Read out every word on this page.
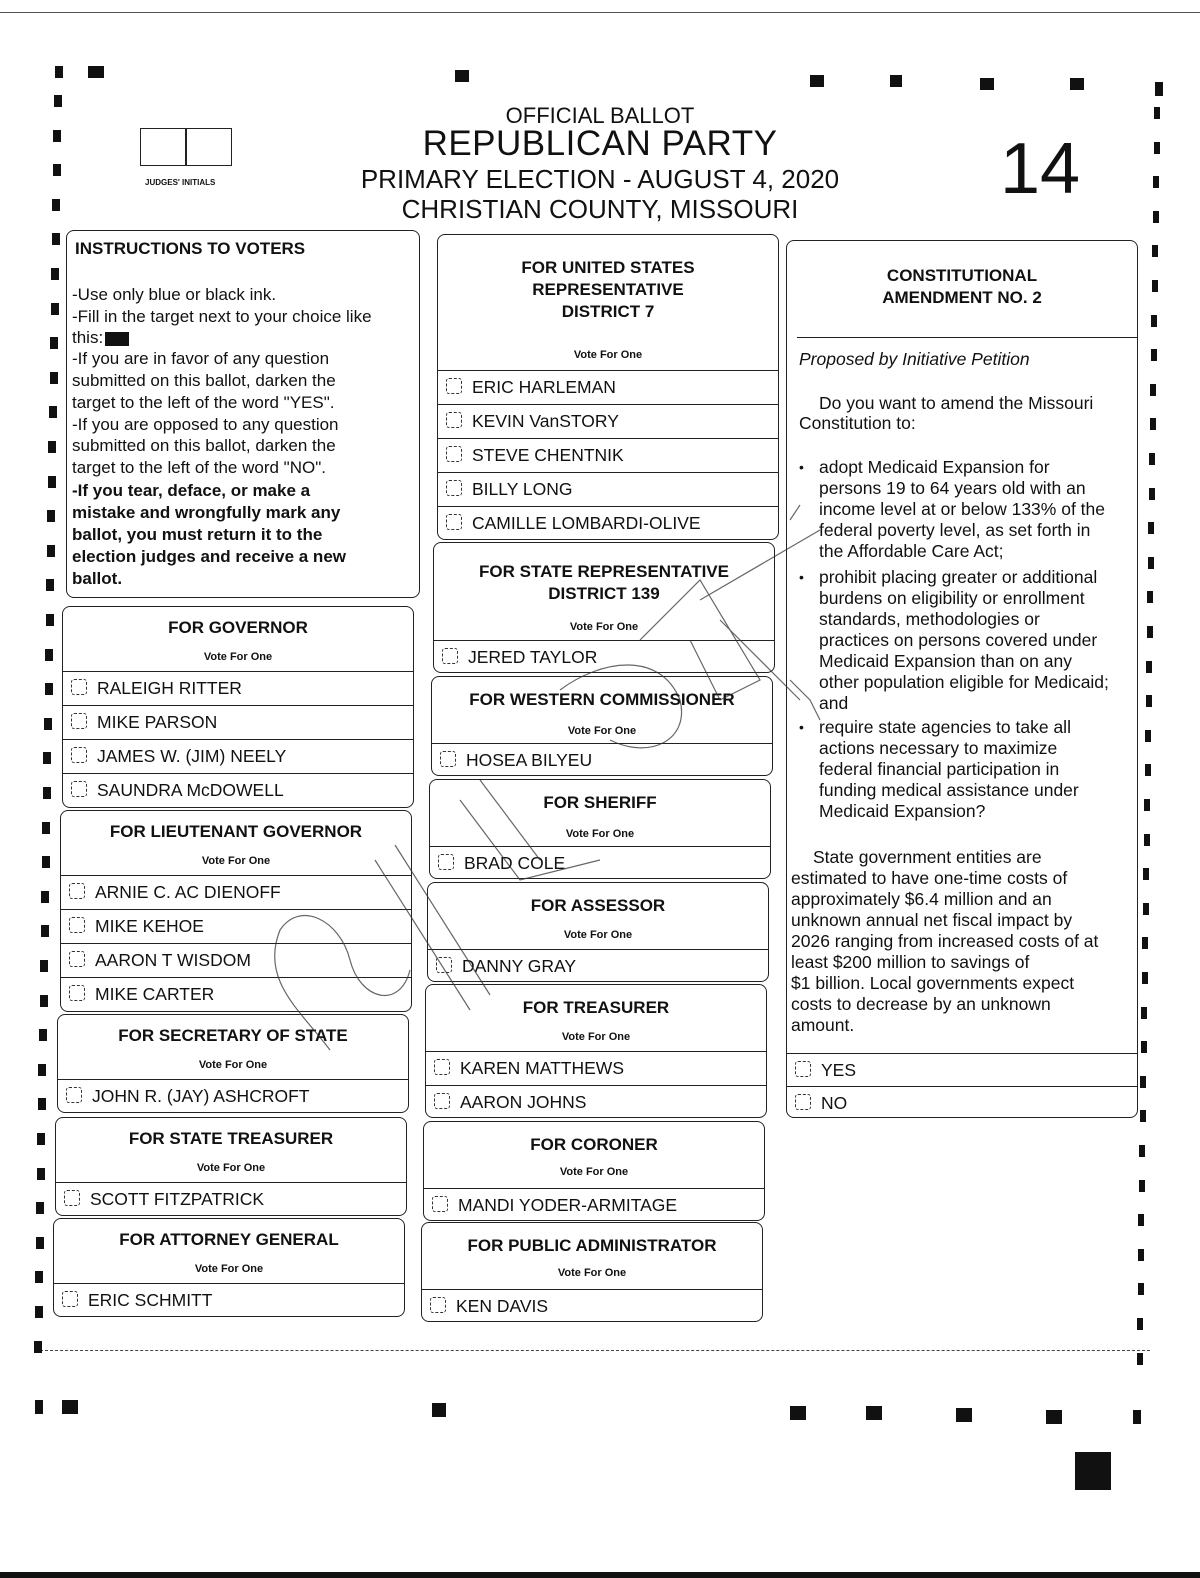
JUDGES' INITIALS
OFFICIAL BALLOT
REPUBLICAN PARTY
PRIMARY ELECTION - AUGUST 4, 2020
CHRISTIAN COUNTY, MISSOURI	14
INSTRUCTIONS TO VOTERS
-Use only blue or black ink.
-Fill in the target next to your choice like
this:
-If you are in favor of any question
submitted on this ballot, darken the
target to the left of the word "YES".
-If you are opposed to any question
submitted on this ballot, darken the
target to the left of the word "NO".
-If you tear, deface, or make a
mistake and wrongfully mark any
ballot, you must return it to the
election judges and receive a new
ballot.
FOR GOVERNOR
Vote For One
RALEIGH RITTER
MIKE PARSON
JAMES W. (JIM) NEELY
SAUNDRA McDOWELL
FOR LIEUTENANT GOVERNOR
Vote For One
ARNIE C. AC DIENOFF
MIKE KEHOE
AARON T WISDOM
MIKE CARTER
FOR SECRETARY OF STATE
Vote For One
JOHN R. (JAY) ASHCROFT
FOR STATE TREASURER
Vote For One
SCOTT FITZPATRICK
FOR ATTORNEY GENERAL
Vote For One
ERIC SCHMITT
FOR UNITED STATES
REPRESENTATIVE
DISTRICT 7
Vote For One
ERIC HARLEMAN
KEVIN VanSTORY
STEVE CHENTNIK
BILLY LONG
CAMILLE LOMBARDI-OLIVE
FOR STATE REPRESENTATIVE
DISTRICT 139
Vote For One
JERED TAYLOR
FOR WESTERN COMMISSIONER
Vote For One
HOSEA BILYEU
FOR SHERIFF
Vote For One
BRAD COLE
FOR ASSESSOR
Vote For One
DANNY GRAY
FOR TREASURER
Vote For One
KAREN MATTHEWS
AARON JOHNS
FOR CORONER
Vote For One
MANDI YODER-ARMITAGE
FOR PUBLIC ADMINISTRATOR
Vote For One
KEN DAVIS
CONSTITUTIONAL
AMENDMENT NO. 2
Proposed by Initiative Petition
Do you want to amend the Missouri
Constitution to:
• adopt Medicaid Expansion for
persons 19 to 64 years old with an
income level at or below 133% of the
federal poverty level, as set forth in
the Affordable Care Act;
• prohibit placing greater or additional
burdens on eligibility or enrollment
standards, methodologies or
practices on persons covered under
Medicaid Expansion than on any
other population eligible for Medicaid;
and
• require state agencies to take all
actions necessary to maximize
federal financial participation in
funding medical assistance under
Medicaid Expansion?
State government entities are
estimated to have one-time costs of
approximately $6.4 million and an
unknown annual net fiscal impact by
2026 ranging from increased costs of at
least $200 million to savings of
$1 billion. Local governments expect
costs to decrease by an unknown
amount.
YES
NO
